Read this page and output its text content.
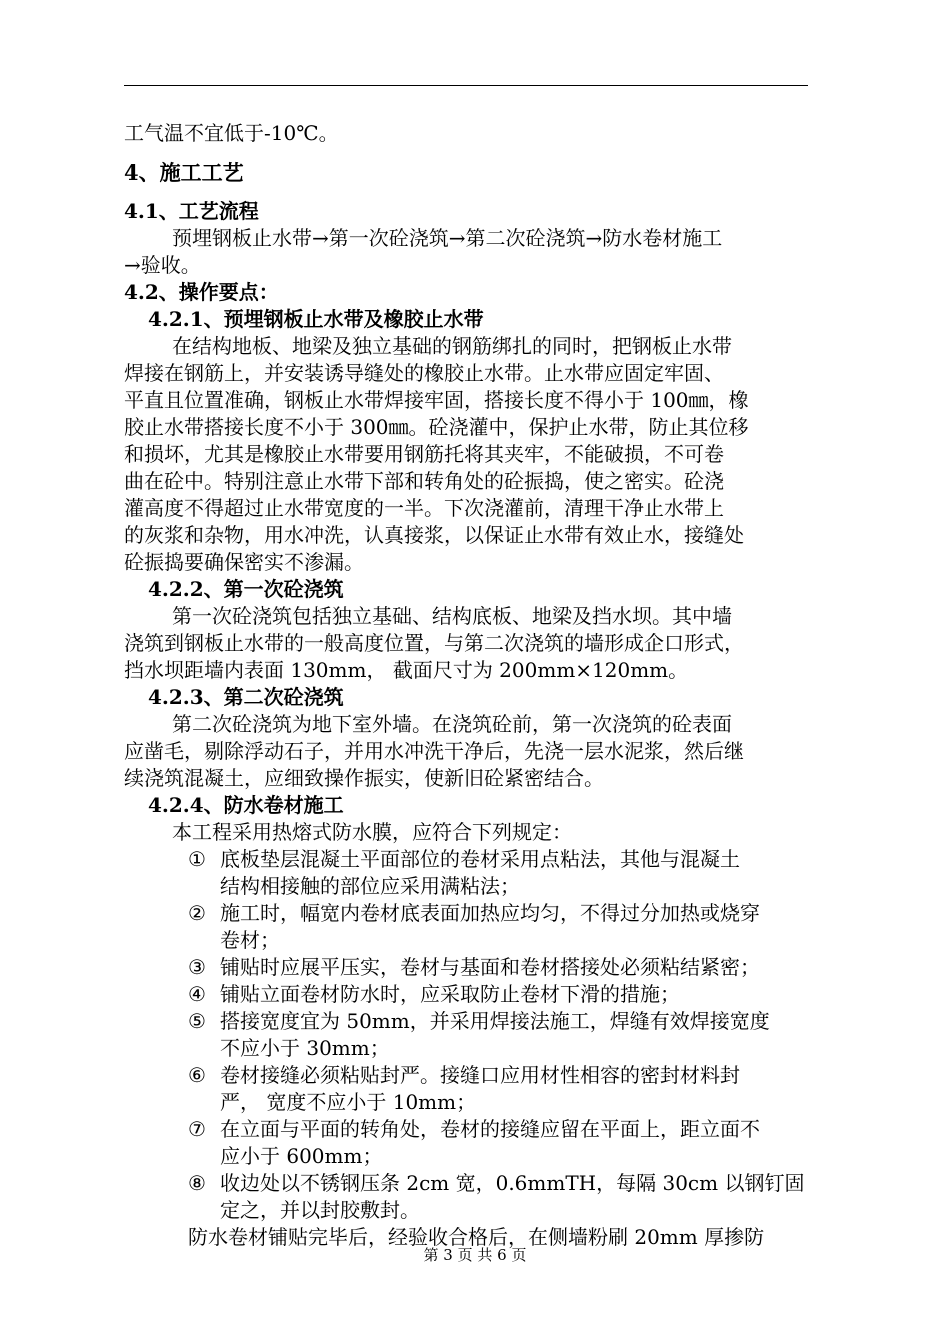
工气温不宜低于-10℃。

4、施工工艺

4.1、工艺流程

预埋钢板止水带→第一次砼浇筑→第二次砼浇筑→防水卷材施工

→验收。

4.2、操作要点：

4.2.1、预埋钢板止水带及橡胶止水带

在结构地板、地梁及独立基础的钢筋绑扎的同时，把钢板止水带

焊接在钢筋上，并安装诱导缝处的橡胶止水带。止水带应固定牢固、

平直且位置准确，钢板止水带焊接牢固，搭接长度不得小于 100㎜，橡

胶止水带搭接长度不小于 300㎜。砼浇灌中，保护止水带，防止其位移

和损坏，尤其是橡胶止水带要用钢筋托将其夹牢，不能破损，不可卷

曲在砼中。特别注意止水带下部和转角处的砼振捣，使之密实。砼浇

灌高度不得超过止水带宽度的一半。下次浇灌前，清理干净止水带上

的灰浆和杂物，用水冲洗，认真接浆，以保证止水带有效止水，接缝处

砼振捣要确保密实不渗漏。

4.2.2、第一次砼浇筑

第一次砼浇筑包括独立基础、结构底板、地梁及挡水坝。其中墙

浇筑到钢板止水带的一般高度位置，与第二次浇筑的墙形成企口形式，

挡水坝距墙内表面 130mm， 截面尺寸为 200mm×120mm。

4.2.3、第二次砼浇筑

第二次砼浇筑为地下室外墙。在浇筑砼前，第一次浇筑的砼表面

应凿毛，剔除浮动石子，并用水冲洗干净后，先浇一层水泥浆，然后继

续浇筑混凝土，应细致操作振实，使新旧砼紧密结合。

4.2.4、防水卷材施工

本工程采用热熔式防水膜，应符合下列规定：

① 底板垫层混凝土平面部位的卷材采用点粘法，其他与混凝土
结构相接触的部位应采用满粘法；
② 施工时，幅宽内卷材底表面加热应均匀，不得过分加热或烧穿
卷材；
③ 铺贴时应展平压实，卷材与基面和卷材搭接处必须粘结紧密；
④ 铺贴立面卷材防水时，应采取防止卷材下滑的措施；
⑤ 搭接宽度宜为 50mm，并采用焊接法施工，焊缝有效焊接宽度
不应小于 30mm；
⑥ 卷材接缝必须粘贴封严。接缝口应用材性相容的密封材料封
严， 宽度不应小于 10mm；
⑦ 在立面与平面的转角处，卷材的接缝应留在平面上，距立面不
应小于 600mm；
⑧ 收边处以不锈钢压条 2cm 宽，0.6mmTH，每隔 30cm 以钢钉固
定之，并以封胶敷封。

防水卷材铺贴完毕后，经验收合格后，在侧墙粉刷 20mm 厚掺防

第 3 页 共 6 页
